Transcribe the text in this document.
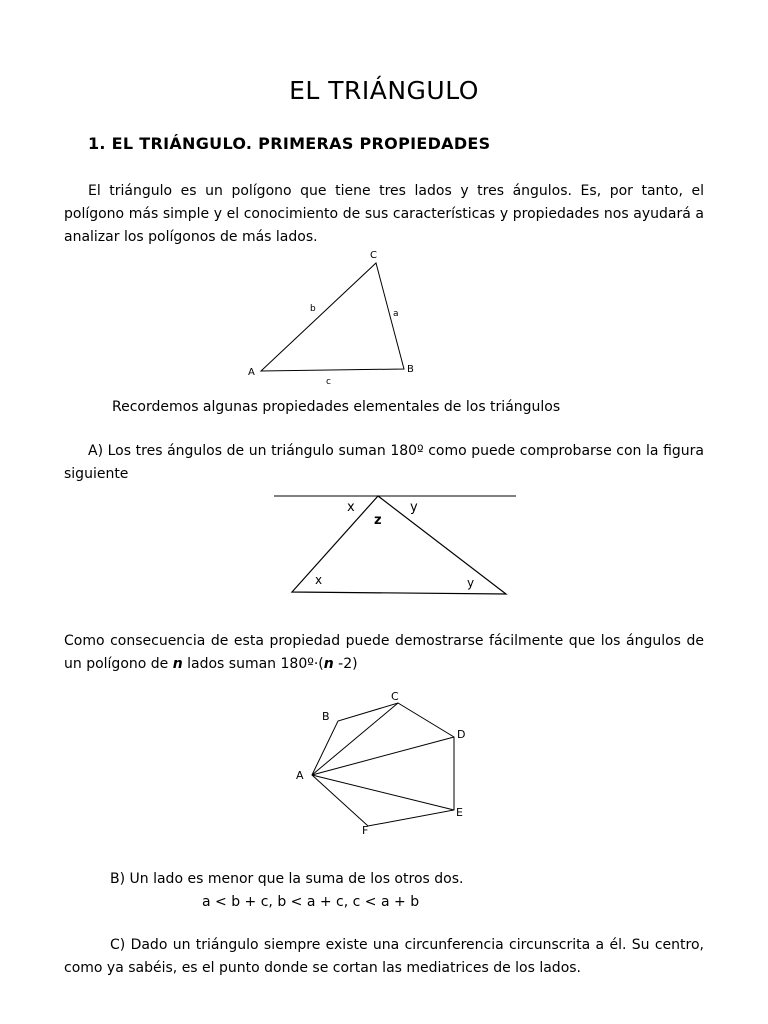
EL TRIÁNGULO
1. EL TRIÁNGULO. PRIMERAS PROPIEDADES

El triángulo es un polígono que tiene tres lados y tres ángulos. Es, por tanto, el polígono más simple y el conocimiento de sus características y propiedades nos ayudará a analizar los polígonos de más lados.

A	B
C
a
b
c

Recordemos algunas propiedades elementales de los triángulos

A) Los tres ángulos de un triángulo suman 180º como puede comprobarse con la figura siguiente

x	y
z
x	y

Como consecuencia de esta propiedad puede demostrarse fácilmente que los ángulos de un polígono de n lados suman 180º·(n -2)

A
B
C
D
E
F

B) Un lado es menor que la suma de los otros dos.

a < b + c, b < a + c, c < a + b

C) Dado un triángulo siempre existe una circunferencia circunscrita a él. Su centro, como ya sabéis, es el punto donde se cortan las mediatrices de los lados.
